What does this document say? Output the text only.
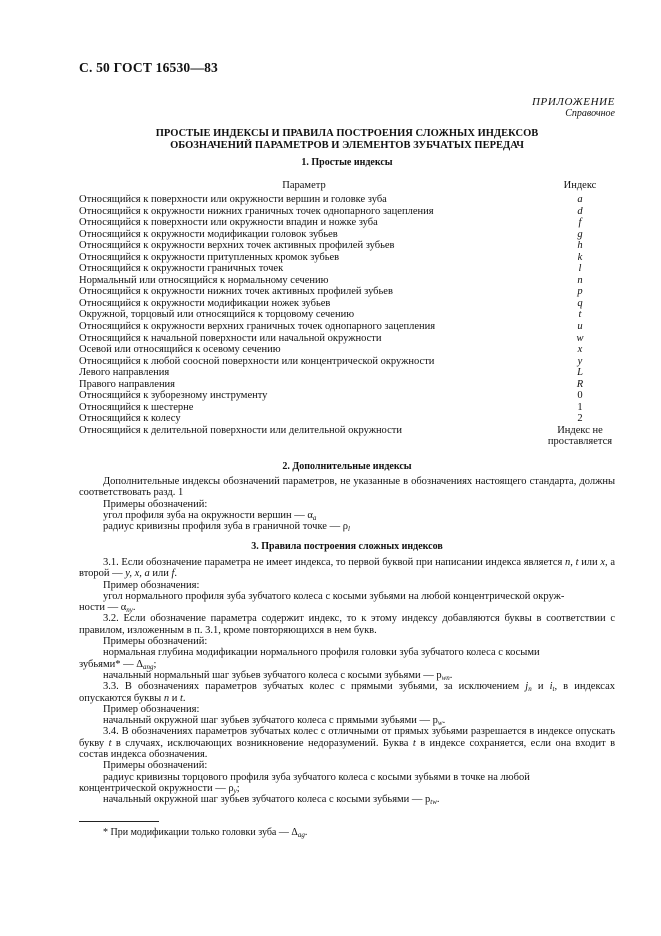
С. 50 ГОСТ 16530—83
ПРИЛОЖЕНИЕ
Справочное
ПРОСТЫЕ ИНДЕКСЫ И ПРАВИЛА ПОСТРОЕНИЯ СЛОЖНЫХ ИНДЕКСОВ
ОБОЗНАЧЕНИЙ ПАРАМЕТРОВ И ЭЛЕМЕНТОВ ЗУБЧАТЫХ ПЕРЕДАЧ
1. Простые индексы
Параметр	Индекс
Относящийся к поверхности или окружности вершин и головке зуба	a
Относящийся к окружности нижних граничных точек однопарного зацепления	d
Относящийся к поверхности или окружности впадин и ножке зуба	f
Относящийся к окружности модификации головок зубьев	g
Относящийся к окружности верхних точек активных профилей зубьев	h
Относящийся к окружности притупленных кромок зубьев	k
Относящийся к окружности граничных точек	l
Нормальный или относящийся к нормальному сечению	n
Относящийся к окружности нижних точек активных профилей зубьев	p
Относящийся к окружности модификации ножек зубьев	q
Окружной, торцовый или относящийся к торцовому сечению	t
Относящийся к окружности верхних граничных точек однопарного зацепления	u
Относящийся к начальной поверхности или начальной окружности	w
Осевой или относящийся к осевому сечению	x
Относящийся к любой соосной поверхности или концентрической окружности	y
Левого направления	L
Правого направления	R
Относящийся к зуборезному инструменту	0
Относящийся к шестерне	1
Относящийся к колесу	2
Относящийся к делительной поверхности или делительной окружности	Индекс не
проставляется
2. Дополнительные индексы

Дополнительные индексы обозначений параметров, не указанные в обозначениях настоящего стандарта, должны соответствовать разд. 1

Примеры обозначений:

угол профиля зуба на окружности вершин — $\alpha_a$

радиус кривизны профиля зуба в граничной точке — $\rho_l$

3. Правила построения сложных индексов

3.1. Если обозначение параметра не имеет индекса, то первой буквой при написании индекса является n, t или x, а второй — y, x, a или f.

Пример обозначения:

угол нормального профиля зуба зубчатого колеса с косыми зубьями на любой концентрической окруж-
ности — $\alpha_{ny}$.

3.2. Если обозначение параметра содержит индекс, то к этому индексу добавляются буквы в соответствии с правилом, изложенным в п. 3.1, кроме повторяющихся в нем букв.

Примеры обозначений:

нормальная глубина модификации нормального профиля головки зуба зубчатого колеса с косыми
зубьями* — $\Delta_{ang}$;

начальный нормальный шаг зубьев зубчатого колеса с косыми зубьями — $p_{wn}$.

3.3. В обозначениях параметров зубчатых колес с прямыми зубьями, за исключением $j_n$ и $i_t$, в индексах опускаются буквы n и t.

Пример обозначения:

начальный окружной шаг зубьев зубчатого колеса с прямыми зубьями — $p_w$.

3.4. В обозначениях параметров зубчатых колес с отличными от прямых зубьями разрешается в индексе опускать букву t в случаях, исключающих возникновение недоразумений. Буква t в индексе сохраняется, если она входит в состав индекса обозначения.

Примеры обозначений:

радиус кривизны торцового профиля зуба зубчатого колеса с косыми зубьями в точке на любой
концентрической окружности — $\rho_y$;

начальный окружной шаг зубьев зубчатого колеса с косыми зубьями — $p_{tw}$.

* При модификации только головки зуба — $\Delta_{ag}$.
